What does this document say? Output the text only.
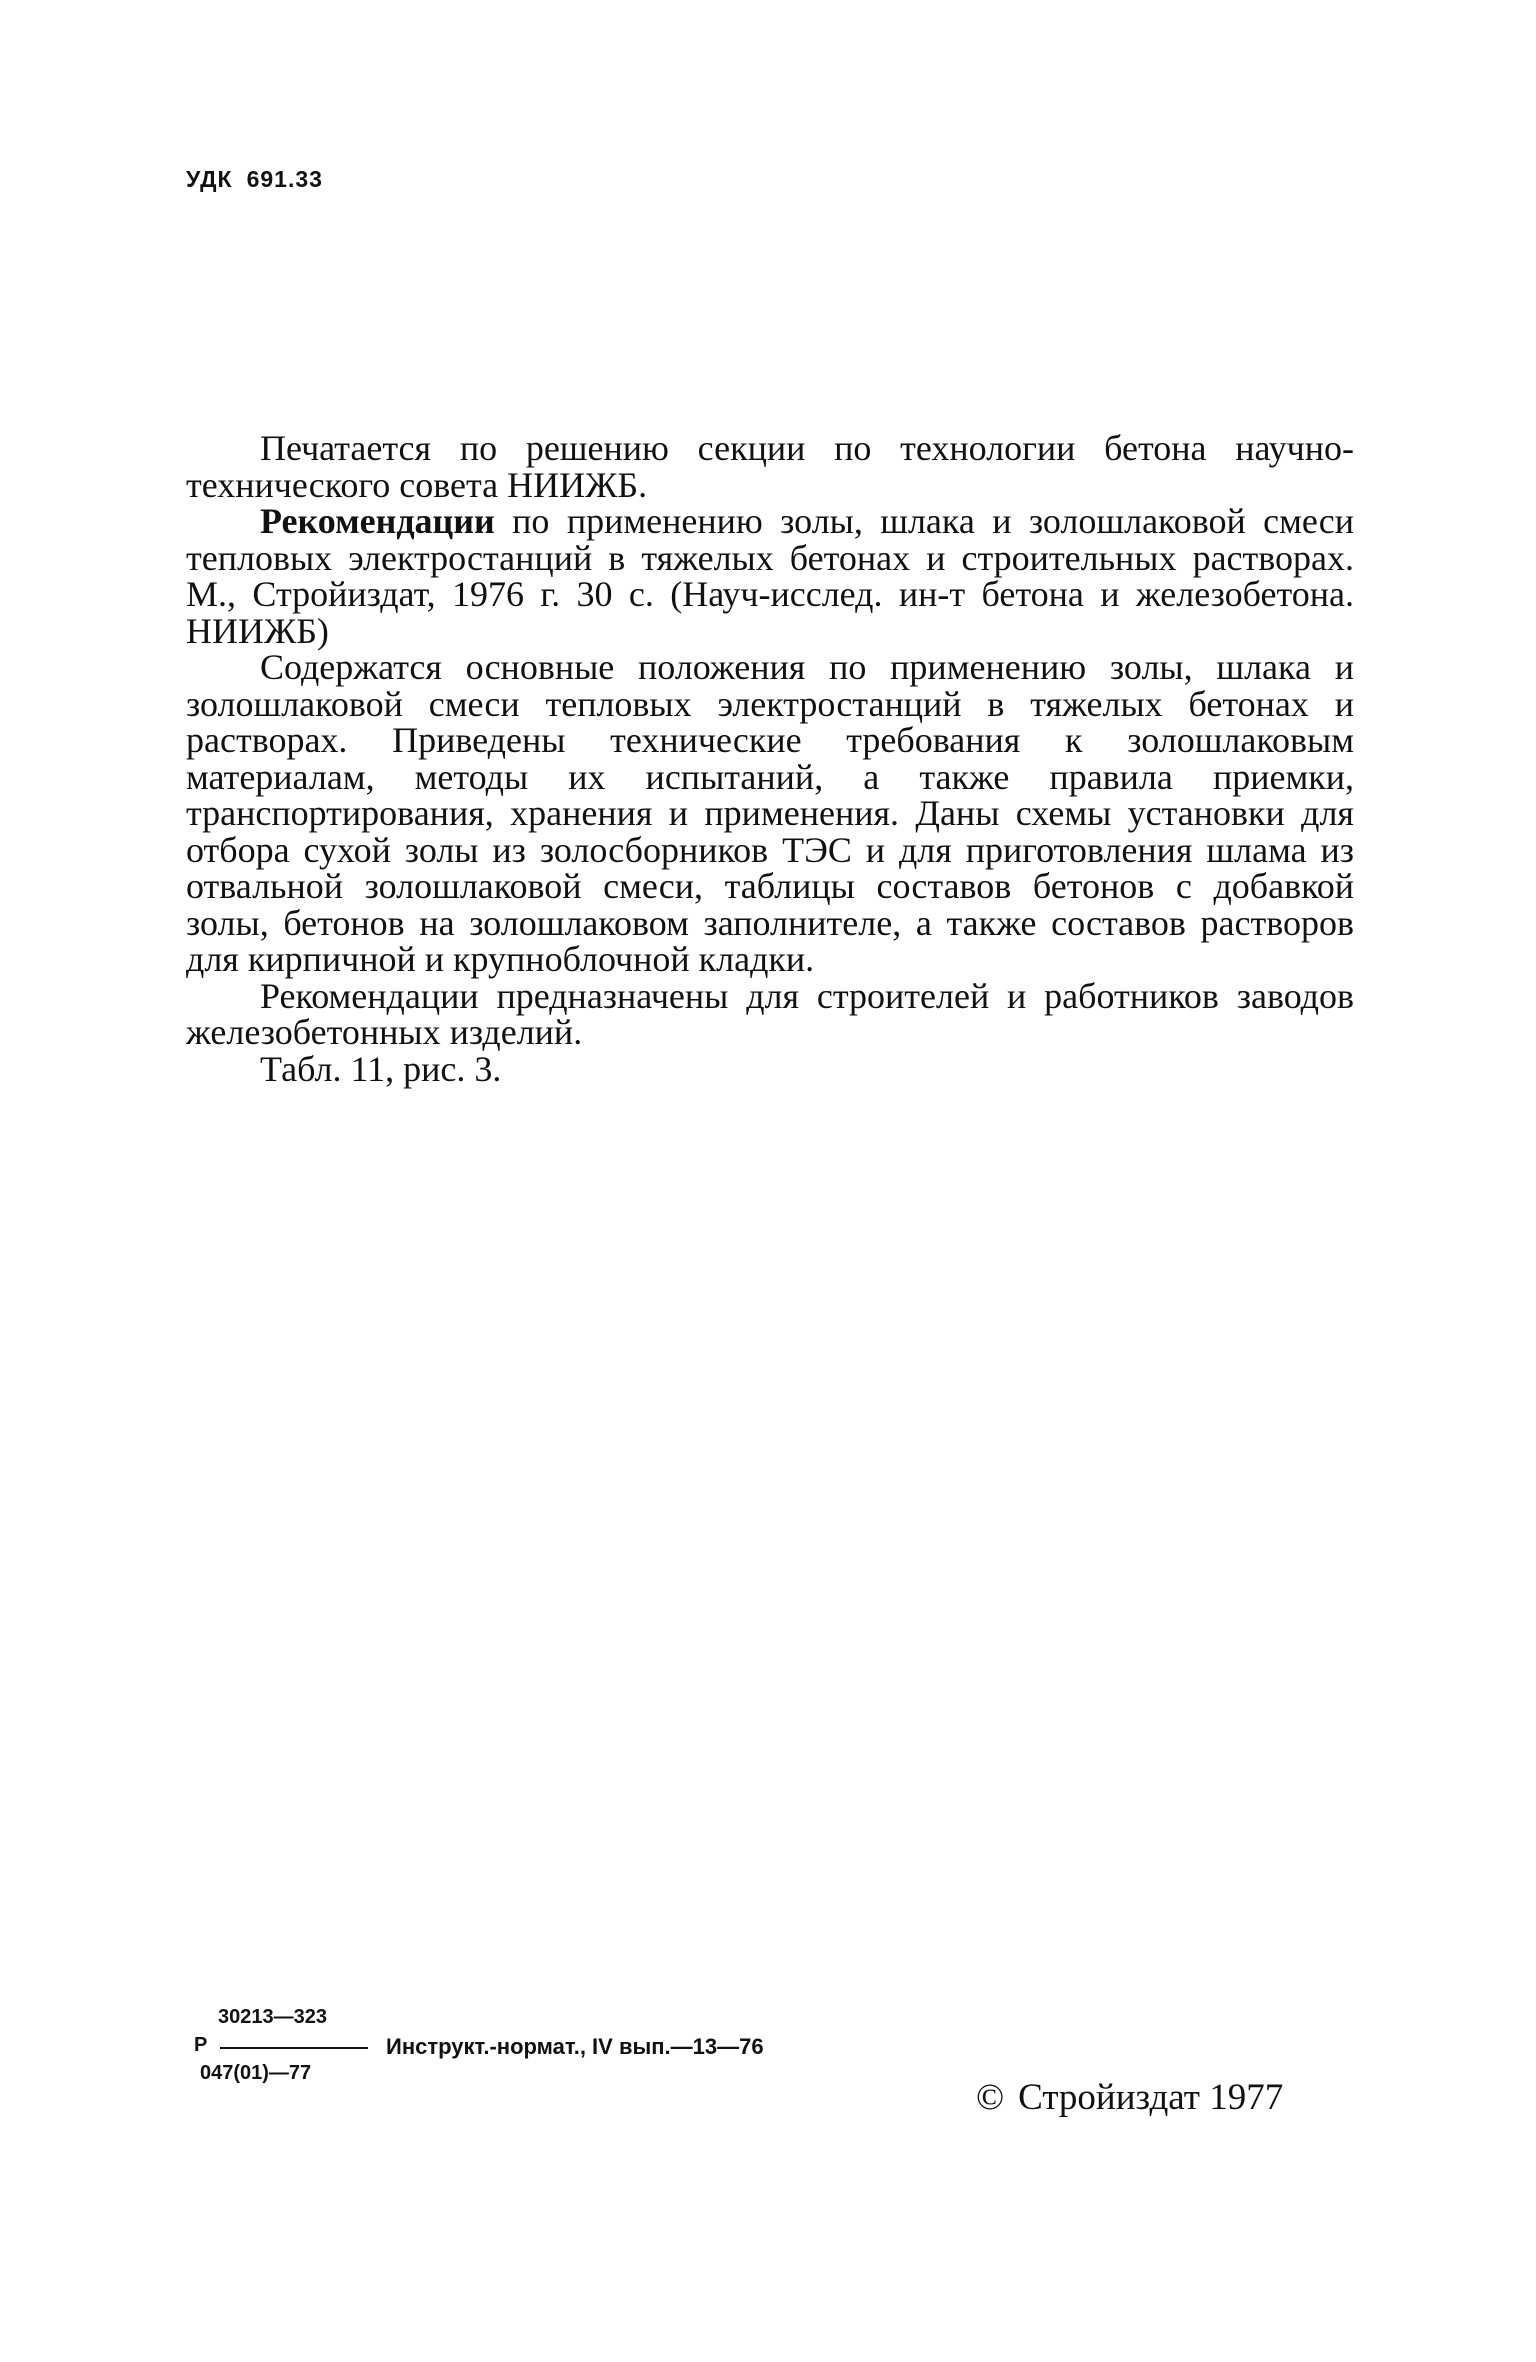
УДК 691.33

Печатается по решению секции по технологии бетона научно-технического совета НИИЖБ.

Рекомендации по применению золы, шлака и золошлаковой смеси тепловых электростанций в тяжелых бетонах и строительных растворах. М., Стройиздат, 1976 г. 30 с. (Науч-исслед. ин-т бетона и железобетона. НИИЖБ)

Содержатся основные положения по применению золы, шлака и золошлаковой смеси тепловых электростанций в тяжелых бетонах и растворах. Приведены технические требования к золошлаковым материалам, методы их испытаний, а также правила приемки, транспортирования, хранения и применения. Даны схемы установки для отбора сухой золы из золосборников ТЭС и для приготовления шлама из отвальной золошлаковой смеси, таблицы составов бетонов с добавкой золы, бетонов на золошлаковом заполнителе, а также составов растворов для кирпичной и крупноблочной кладки.

Рекомендации предназначены для строителей и работников заводов железобетонных изделий.

Табл. 11, рис. 3.

30213—323
Р
047(01)—77
Инструкт.-нормат., IV вып.—13—76
© Стройиздат 1977
